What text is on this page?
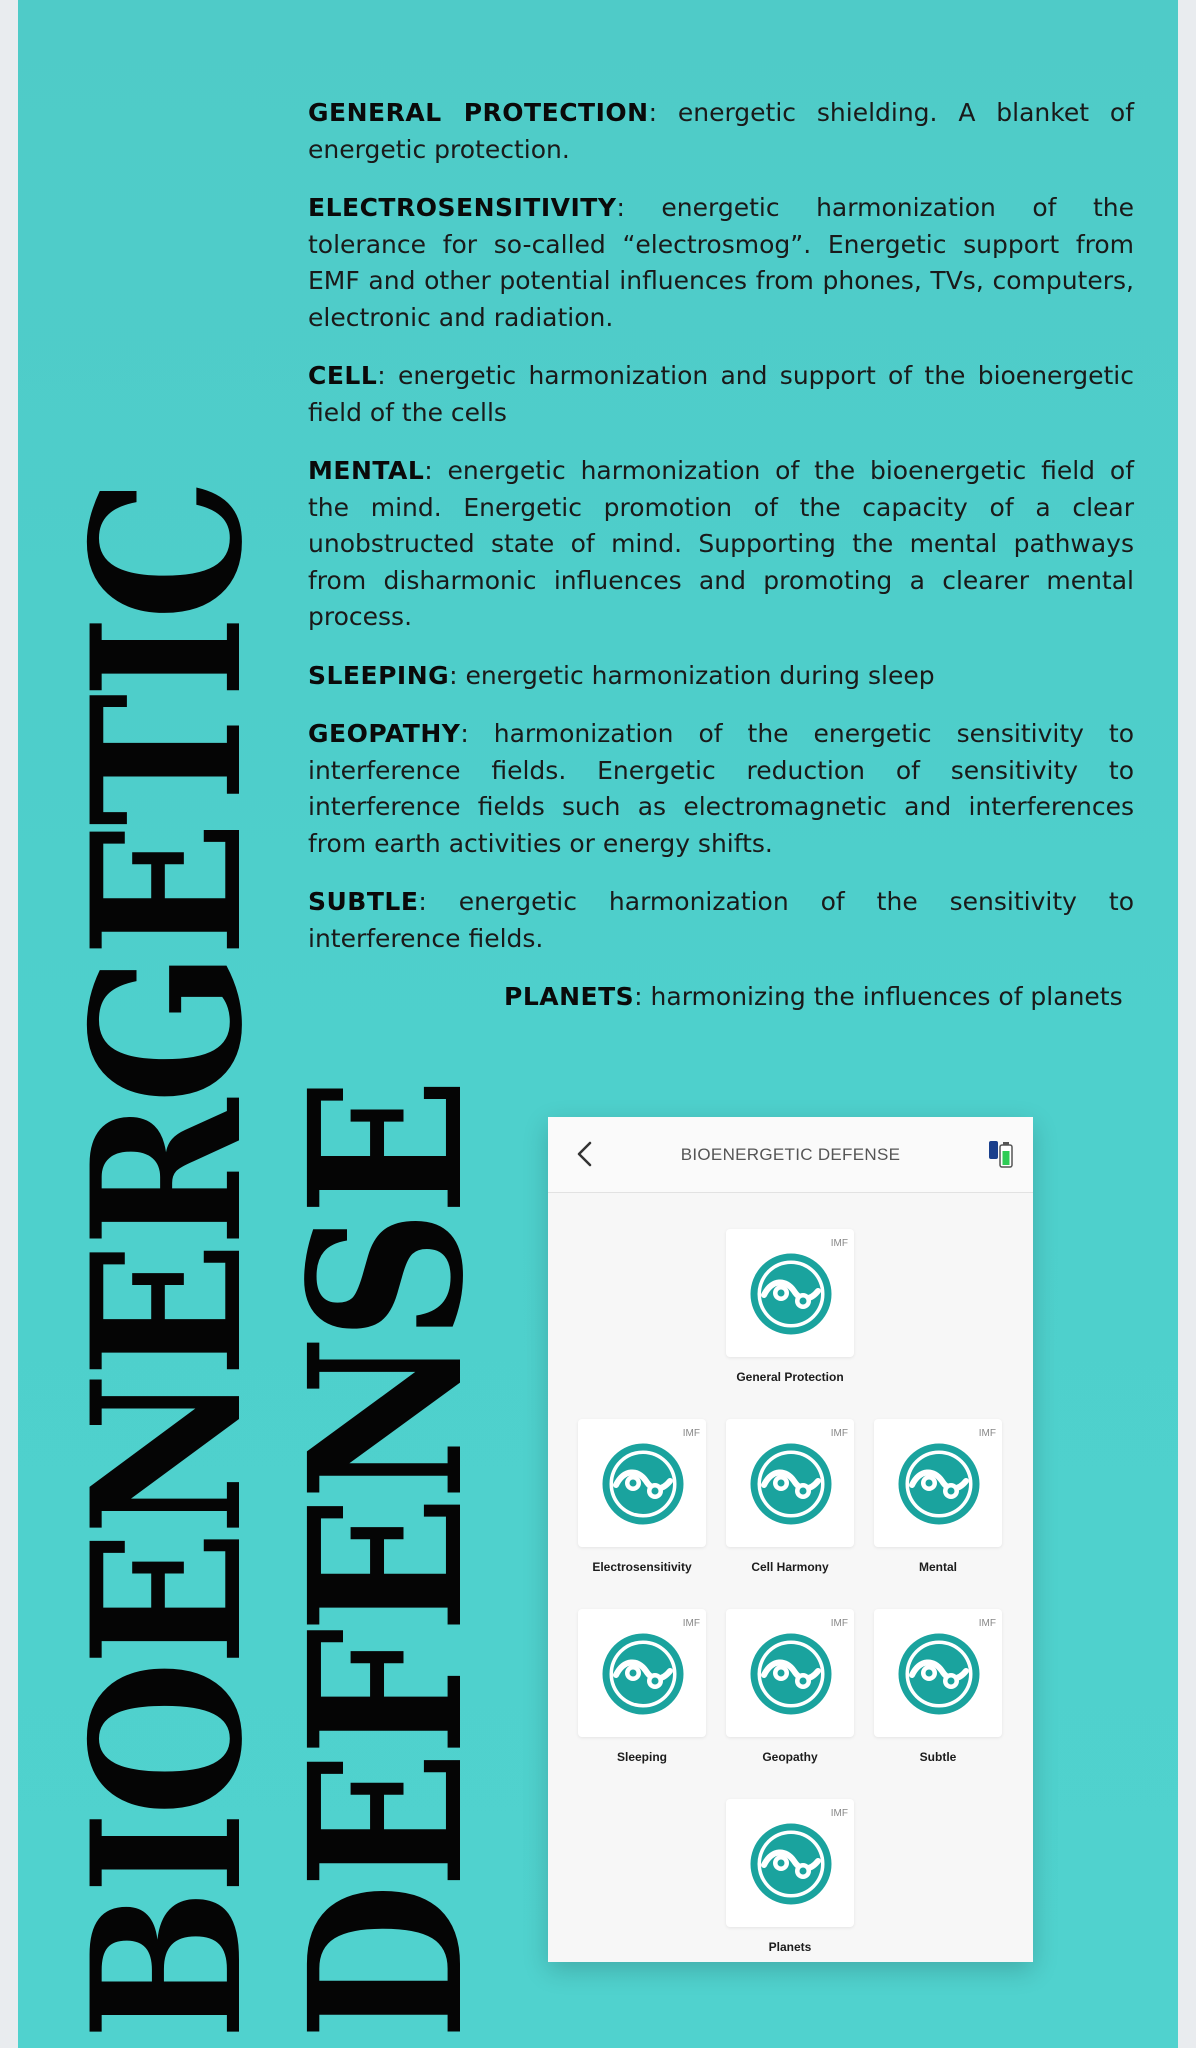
BIOENERGETIC
DEFENSE

GENERAL PROTECTION: energetic shielding. A blanket of energetic protection.

ELECTROSENSITIVITY: energetic harmonization of the tolerance for so-called “electrosmog”. Energetic support from EMF and other potential influences from phones, TVs, computers, electronic and radiation.

CELL: energetic harmonization and support of the bioenergetic field of the cells

MENTAL: energetic harmonization of the bioenergetic field of the mind. Energetic promotion of the capacity of a clear unobstructed state of mind. Supporting the mental pathways from disharmonic influences and promoting a clearer mental process.

SLEEPING: energetic harmonization during sleep

GEOPATHY: harmonization of the energetic sensitivity to interference fields. Energetic reduction of sensitivity to interference fields such as electromagnetic and interferences from earth activities or energy shifts.

SUBTLE: energetic harmonization of the sensitivity to interference fields.

PLANETS: harmonizing the influences of planets

BIOENERGETIC DEFENSE
IMF
General Protection
IMF
Electrosensitivity
IMF
Cell Harmony
IMF
Mental
IMF
Sleeping
IMF
Geopathy
IMF
Subtle
IMF
Planets
